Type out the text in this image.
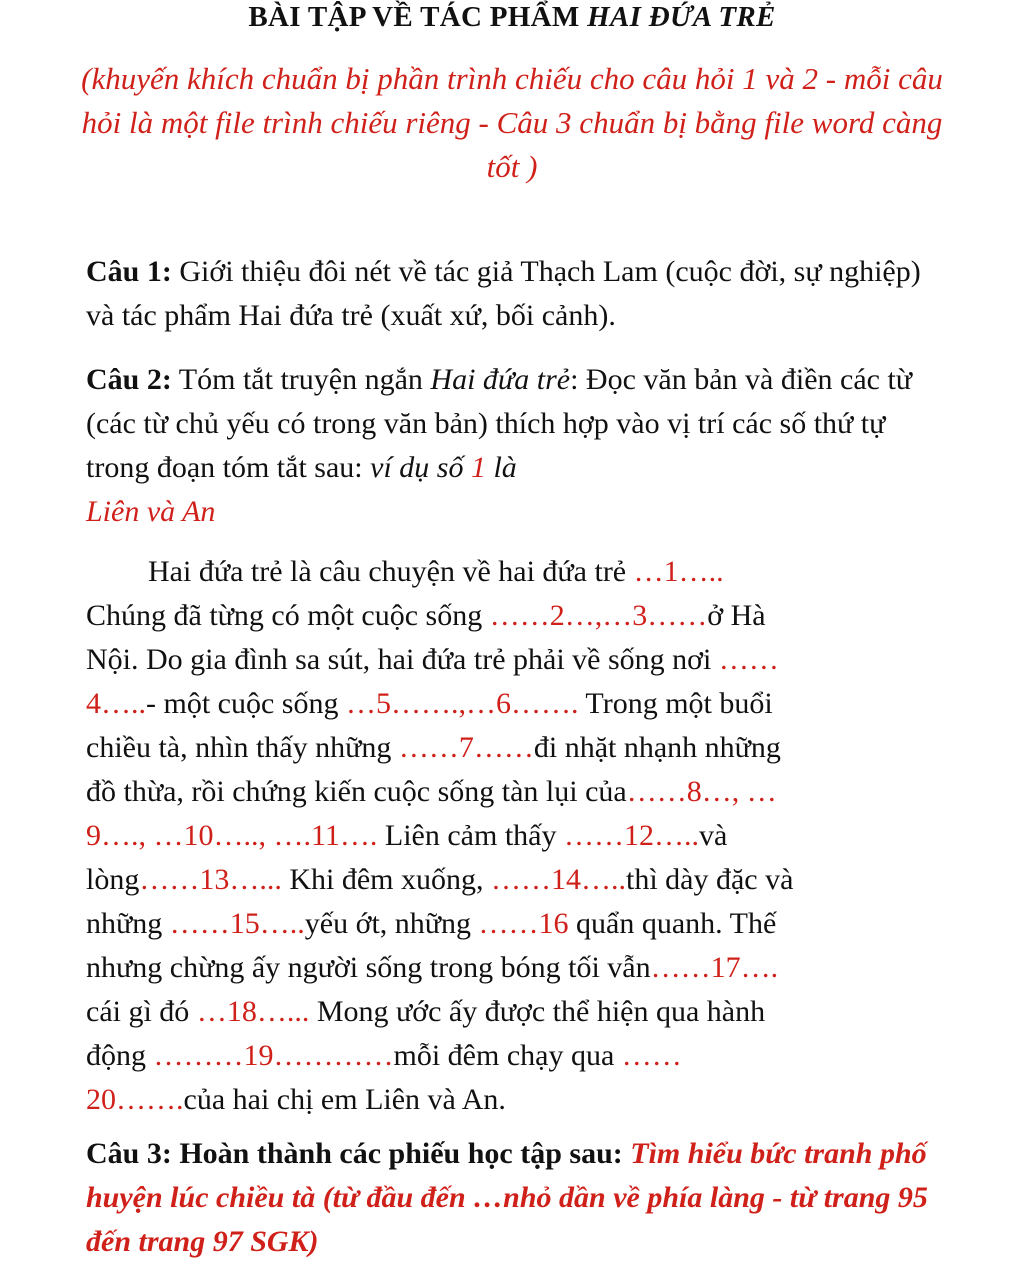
BÀI TẬP VỀ TÁC PHẨM HAI ĐỨA TRẺ
(khuyến khích chuẩn bị phần trình chiếu cho câu hỏi 1 và 2 - mỗi câu hỏi là một file trình chiếu riêng - Câu 3 chuẩn bị bằng file word càng tốt )
Câu 1: Giới thiệu đôi nét về tác giả Thạch Lam (cuộc đời, sự nghiệp) và tác phẩm Hai đứa trẻ (xuất xứ, bối cảnh).
Câu 2: Tóm tắt truyện ngắn Hai đứa trẻ: Đọc văn bản và điền các từ (các từ chủ yếu có trong văn bản) thích hợp vào vị trí các số thứ tự trong đoạn tóm tắt sau: ví dụ số 1 là
Liên và An
Hai đứa trẻ là câu chuyện về hai đứa trẻ …1…..
Chúng đã từng có một cuộc sống ……2…,…3……ở Hà
Nội. Do gia đình sa sút, hai đứa trẻ phải về sống nơi ……
4…..- một cuộc sống …5…….,…6……. Trong một buổi
chiều tà, nhìn thấy những ……7……đi nhặt nhạnh những
đồ thừa, rồi chứng kiến cuộc sống tàn lụi của……8…, …
9…., …10….., ….11…. Liên cảm thấy ……12…..và
lòng……13…... Khi đêm xuống, ……14…..thì dày đặc và
những ……15…..yếu ớt, những ……16 quẩn quanh. Thế
nhưng chừng ấy người sống trong bóng tối vẫn……17….
cái gì đó …18…... Mong ước ấy được thể hiện qua hành
động ………19…………mỗi đêm chạy qua ……
20…….của hai chị em Liên và An.
Câu 3: Hoàn thành các phiếu học tập sau: Tìm hiểu bức tranh phố huyện lúc chiều tà (từ đầu đến …nhỏ dần về phía làng - từ trang 95 đến trang 97 SGK)
